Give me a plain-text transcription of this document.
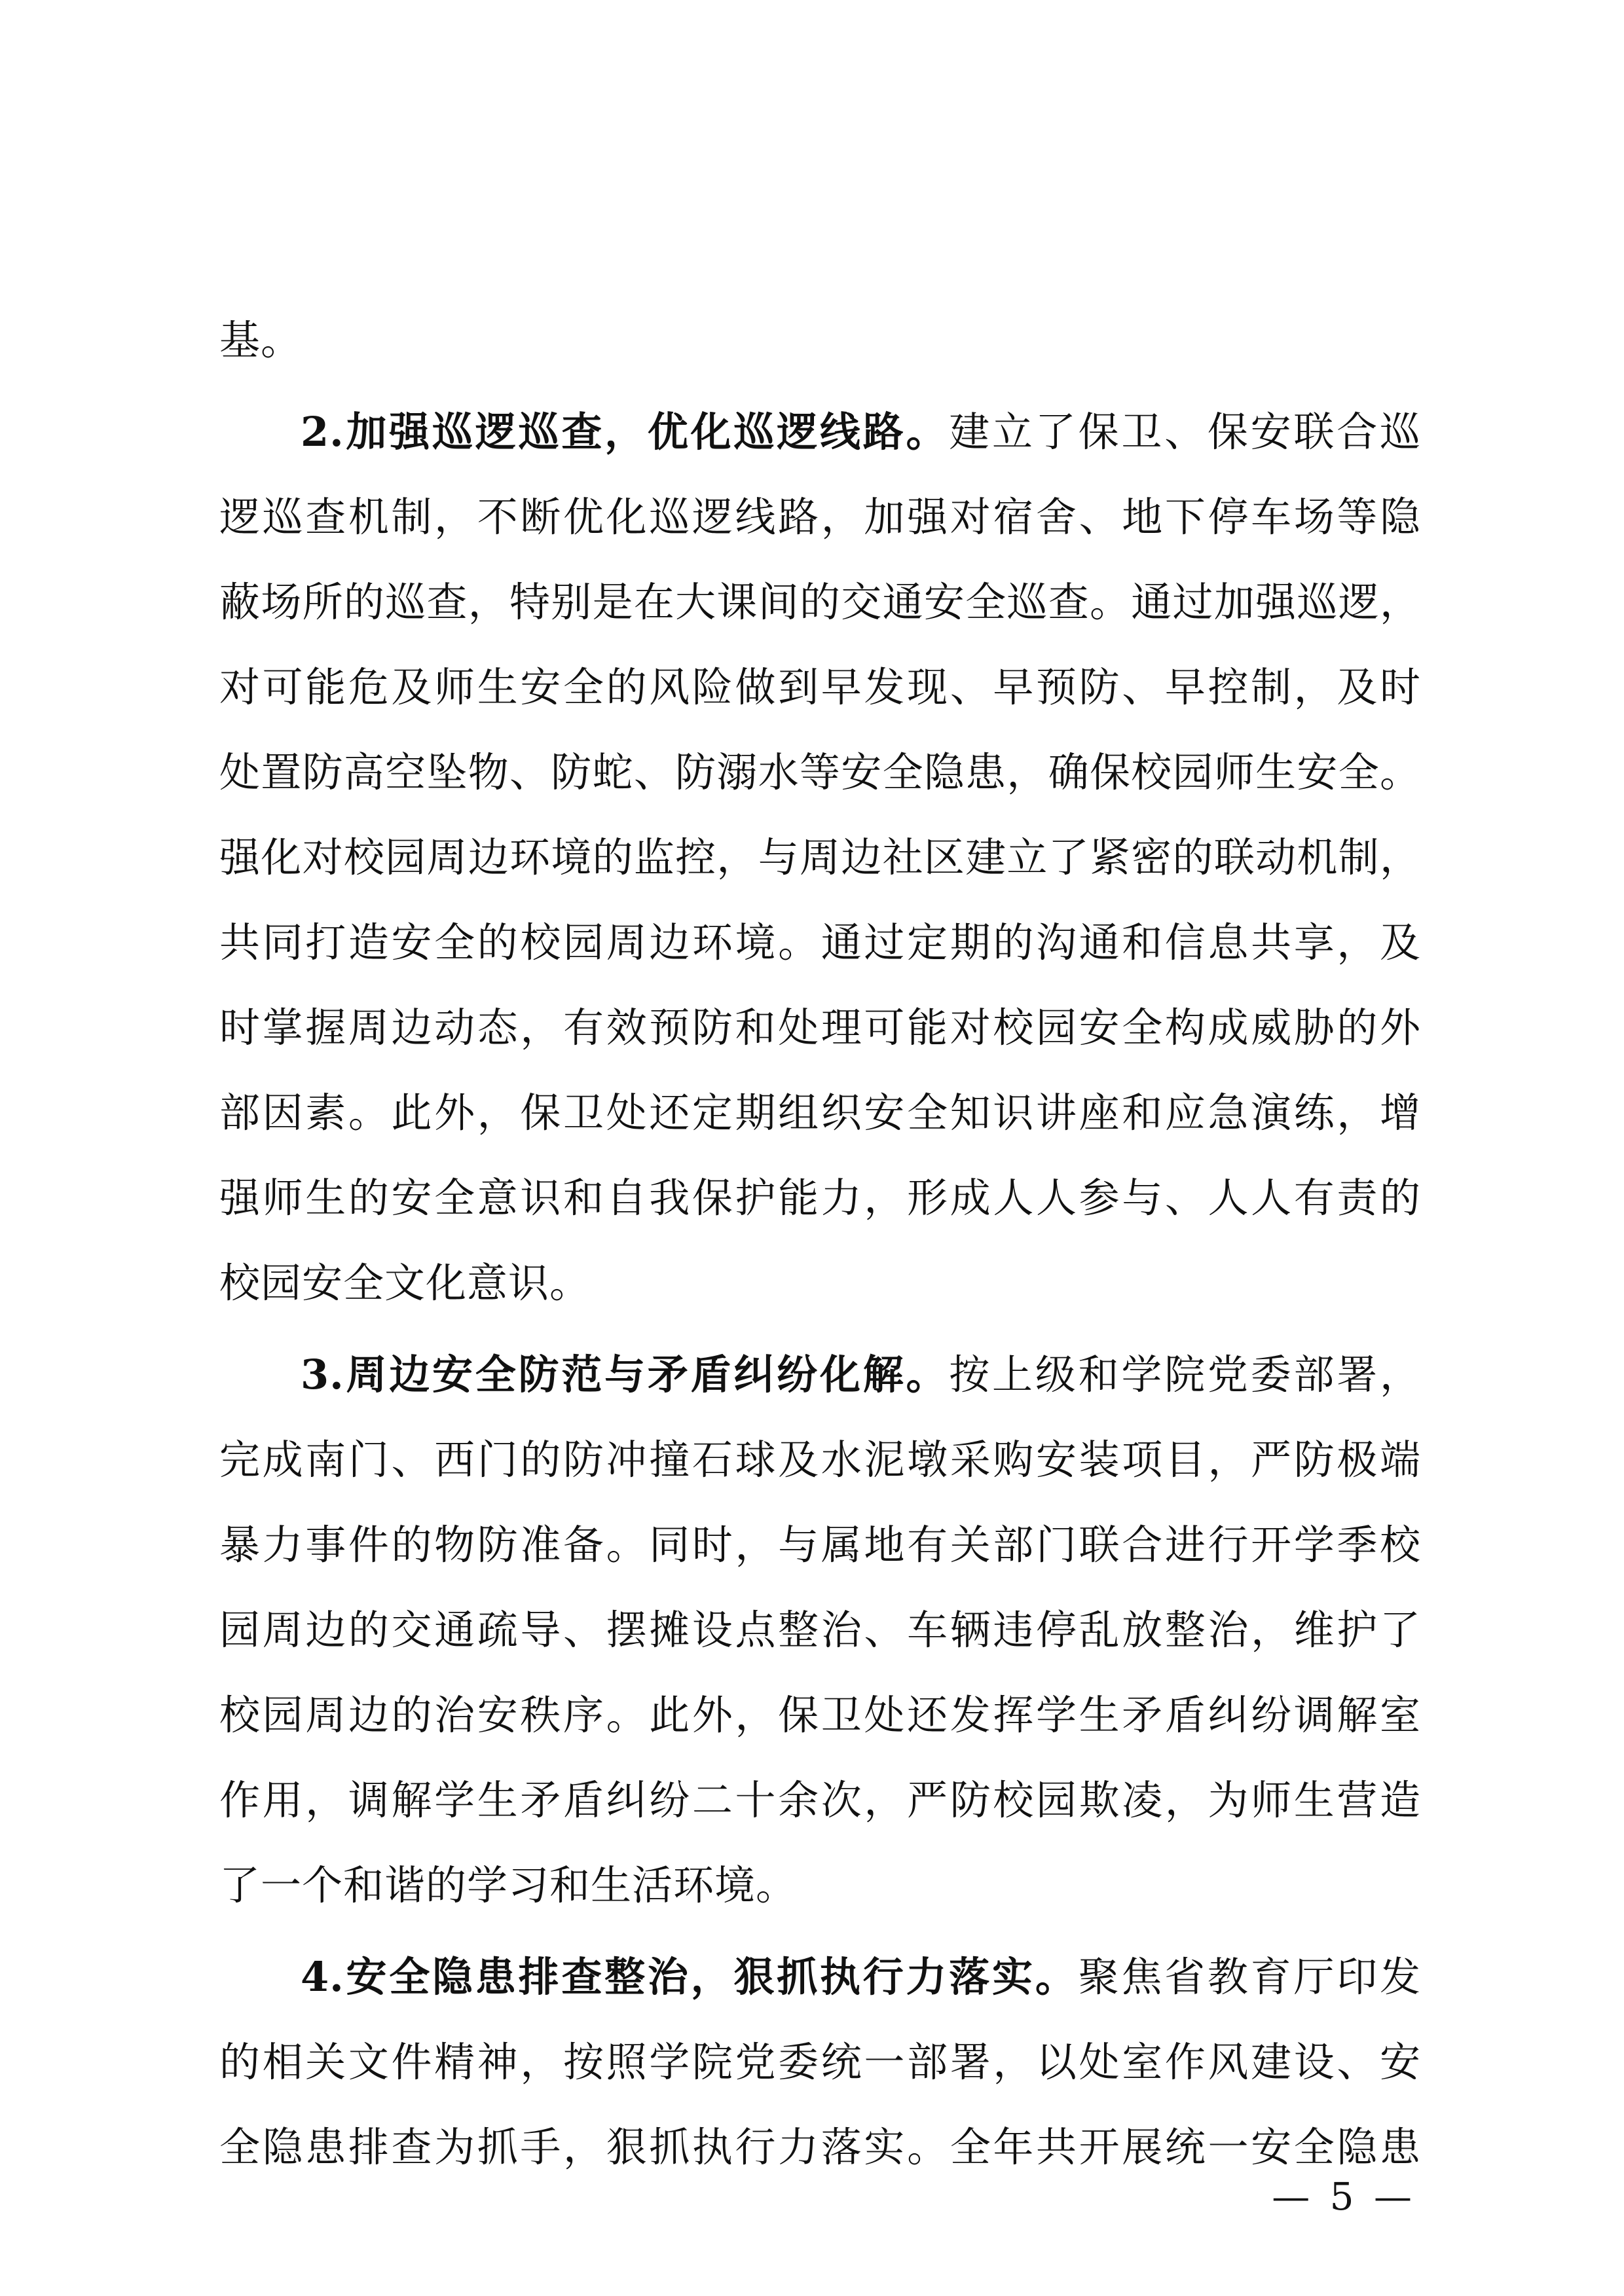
基。
2.加强巡逻巡查，优化巡逻线路。建立了保卫、保安联合巡
逻巡查机制，不断优化巡逻线路，加强对宿舍、地下停车场等隐
蔽场所的巡查，特别是在大课间的交通安全巡查。通过加强巡逻，
对可能危及师生安全的风险做到早发现、早预防、早控制，及时
处置防高空坠物、防蛇、防溺水等安全隐患，确保校园师生安全。
强化对校园周边环境的监控，与周边社区建立了紧密的联动机制，
共同打造安全的校园周边环境。通过定期的沟通和信息共享，及
时掌握周边动态，有效预防和处理可能对校园安全构成威胁的外
部因素。此外，保卫处还定期组织安全知识讲座和应急演练，增
强师生的安全意识和自我保护能力，形成人人参与、人人有责的
校园安全文化意识。
3.周边安全防范与矛盾纠纷化解。按上级和学院党委部署，
完成南门、西门的防冲撞石球及水泥墩采购安装项目，严防极端
暴力事件的物防准备。同时，与属地有关部门联合进行开学季校
园周边的交通疏导、摆摊设点整治、车辆违停乱放整治，维护了
校园周边的治安秩序。此外，保卫处还发挥学生矛盾纠纷调解室
作用，调解学生矛盾纠纷二十余次，严防校园欺凌，为师生营造
了一个和谐的学习和生活环境。
4.安全隐患排查整治，狠抓执行力落实。聚焦省教育厅印发
的相关文件精神，按照学院党委统一部署，以处室作风建设、安
全隐患排查为抓手，狠抓执行力落实。全年共开展统一安全隐患
— 5 —
